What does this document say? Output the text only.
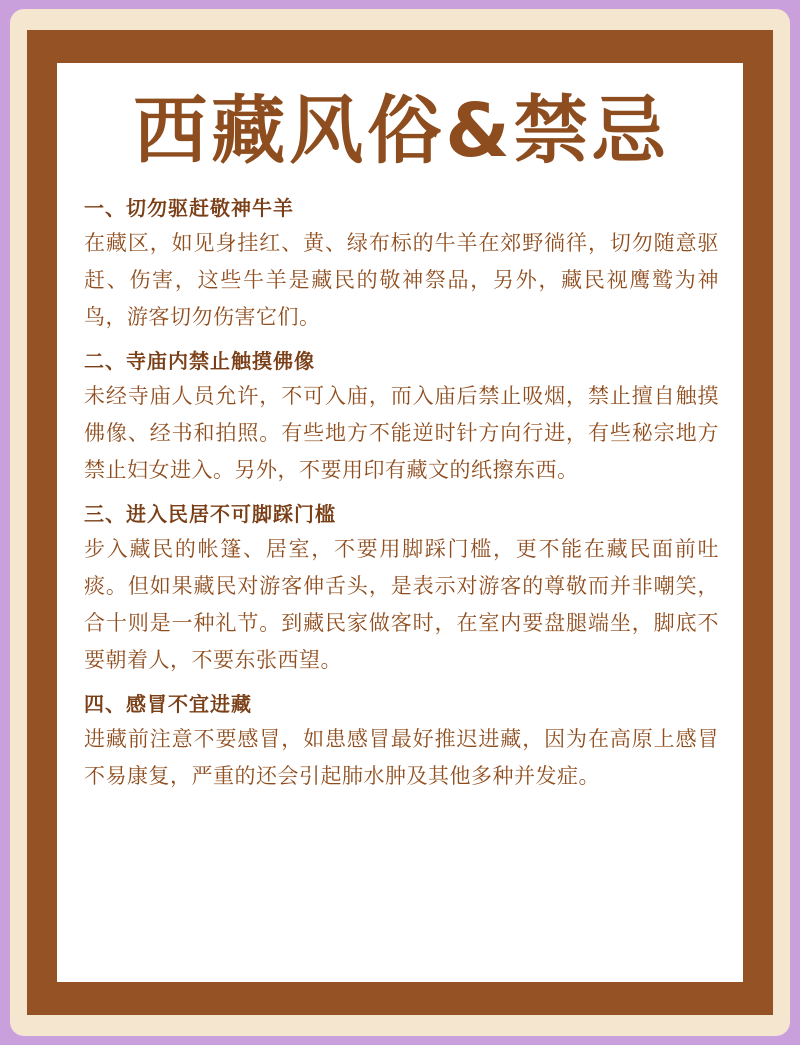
西藏风俗&禁忌
一、切勿驱赶敬神牛羊

在藏区，如见身挂红、黄、绿布标的牛羊在郊野徜徉，切勿随意驱赶、伤害，这些牛羊是藏民的敬神祭品，另外，藏民视鹰鹫为神鸟，游客切勿伤害它们。

二、寺庙内禁止触摸佛像

未经寺庙人员允许，不可入庙，而入庙后禁止吸烟，禁止擅自触摸佛像、经书和拍照。有些地方不能逆时针方向行进，有些秘宗地方禁止妇女进入。另外，不要用印有藏文的纸擦东西。

三、进入民居不可脚踩门槛

步入藏民的帐篷、居室，不要用脚踩门槛，更不能在藏民面前吐痰。但如果藏民对游客伸舌头，是表示对游客的尊敬而并非嘲笑，合十则是一种礼节。到藏民家做客时，在室内要盘腿端坐，脚底不要朝着人，不要东张西望。

四、感冒不宜进藏

进藏前注意不要感冒，如患感冒最好推迟进藏，因为在高原上感冒不易康复，严重的还会引起肺水肿及其他多种并发症。
